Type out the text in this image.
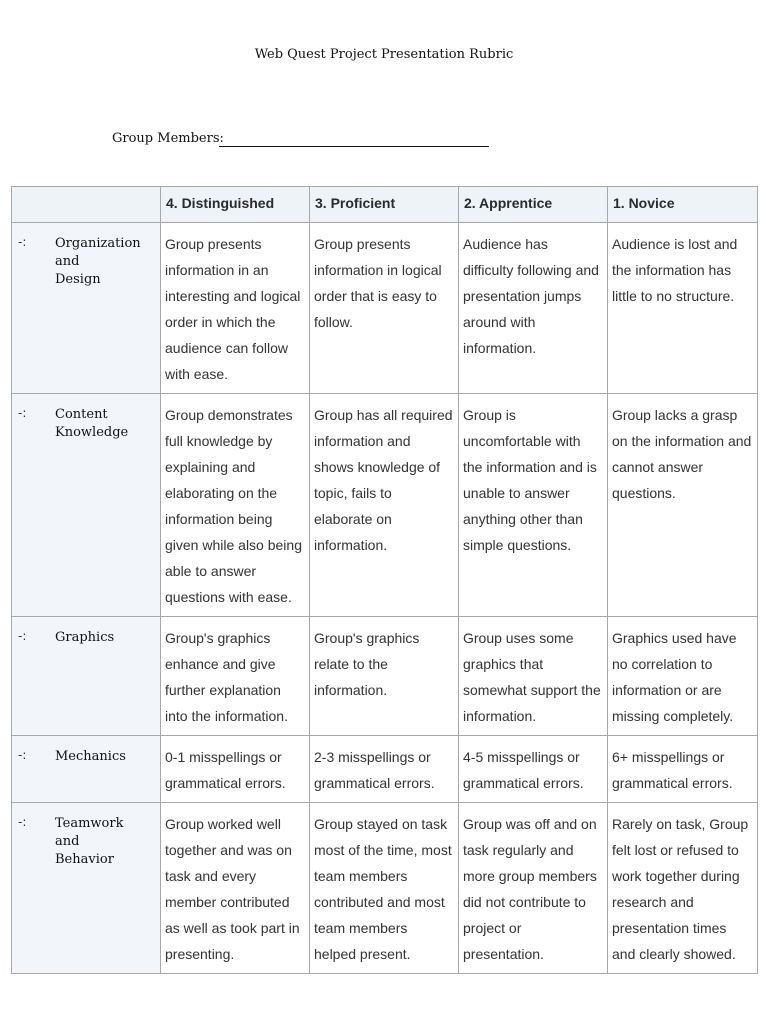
Web Quest Project Presentation Rubric
Group Members:
	4. Distinguished	3. Proficient	2. Apprentice	1. Novice

-: Organization
and
Design	Group presents information in an interesting and logical order in which the audience can follow with ease.	Group presents information in logical order that is easy to follow.	Audience has difficulty following and presentation jumps around with information.	Audience is lost and the information has little to no structure.

-: Content
Knowledge	Group demonstrates full knowledge by explaining and elaborating on the information being given while also being able to answer questions with ease.	Group has all required information and shows knowledge of topic, fails to elaborate on information.	Group is uncomfortable with the information and is unable to answer anything other than simple questions.	Group lacks a grasp on the information and cannot answer questions.

-: Graphics	Group's graphics enhance and give further explanation into the information.	Group's graphics relate to the information.	Group uses some graphics that somewhat support the information.	Graphics used have no correlation to information or are missing completely.

-: Mechanics	0-1 misspellings or grammatical errors.	2-3 misspellings or grammatical errors.	4-5 misspellings or grammatical errors.	6+ misspellings or grammatical errors.

-: Teamwork
and
Behavior	Group worked well together and was on task and every member contributed as well as took part in presenting.	Group stayed on task most of the time, most team members contributed and most team members helped present.	Group was off and on task regularly and more group members did not contribute to project or presentation.	Rarely on task, Group felt lost or refused to work together during research and presentation times and clearly showed.
